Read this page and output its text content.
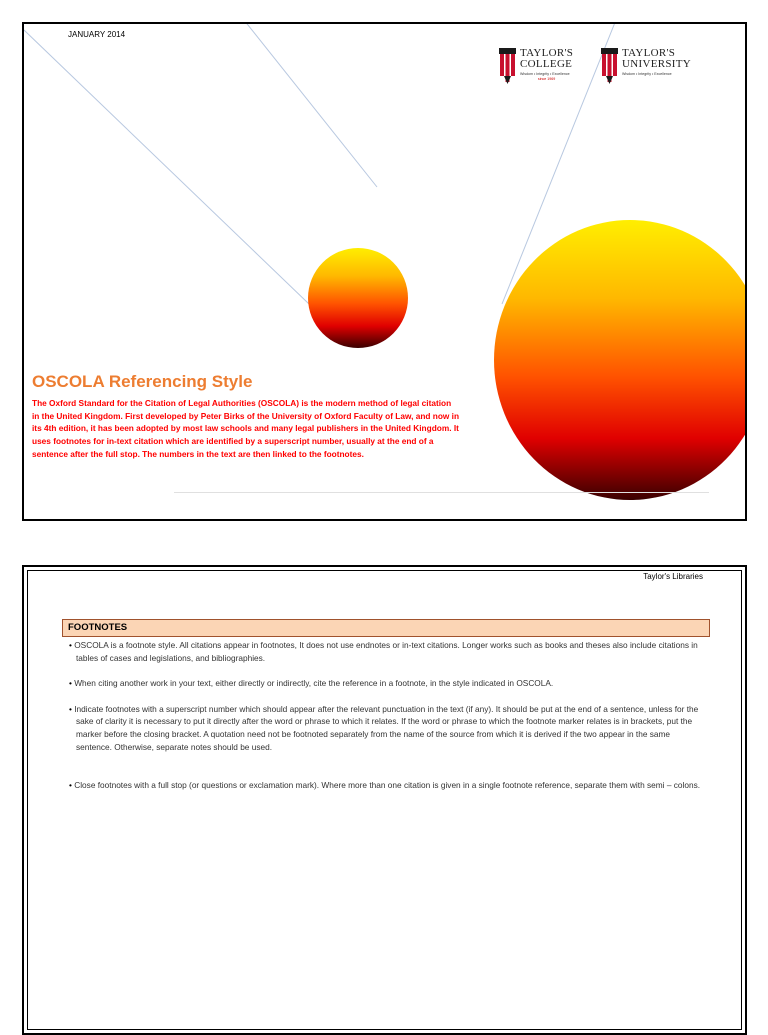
JANUARY 2014
TAYLOR'S
COLLEGE
Wisdom • Integrity • Excellence
since 1969
TAYLOR'S
UNIVERSITY
Wisdom • Integrity • Excellence
OSCOLA Referencing Style

The Oxford Standard for the Citation of Legal Authorities (OSCOLA) is the modern method of legal citation in the United Kingdom. First developed by Peter Birks of the University of Oxford Faculty of Law, and now in its 4th edition, it has been adopted by most law schools and many legal publishers in the United Kingdom. It uses footnotes for in-text citation which are identified by a superscript number, usually at the end of a sentence after the full stop. The numbers in the text are then linked to the footnotes.

Taylor's Libraries
FOOTNOTES
• OSCOLA is a footnote style. All citations appear in footnotes, It does not use endnotes or in-text citations. Longer works such as books and theses also include citations in tables of cases and legislations, and bibliographies.
• When citing another work in your text, either directly or indirectly, cite the reference in a footnote, in the style indicated in OSCOLA.
• Indicate footnotes with a superscript number which should appear after the relevant punctuation in the text (if any). It should be put at the end of a sentence, unless for the sake of clarity it is necessary to put it directly after the word or phrase to which it relates. If the word or phrase to which the footnote marker relates is in brackets, put the marker before the closing bracket. A quotation need not be footnoted separately from the name of the source from which it is derived if the two appear in the same sentence. Otherwise, separate notes should be used.
• Close footnotes with a full stop (or questions or exclamation mark). Where more than one citation is given in a single footnote reference, separate them with semi – colons.
